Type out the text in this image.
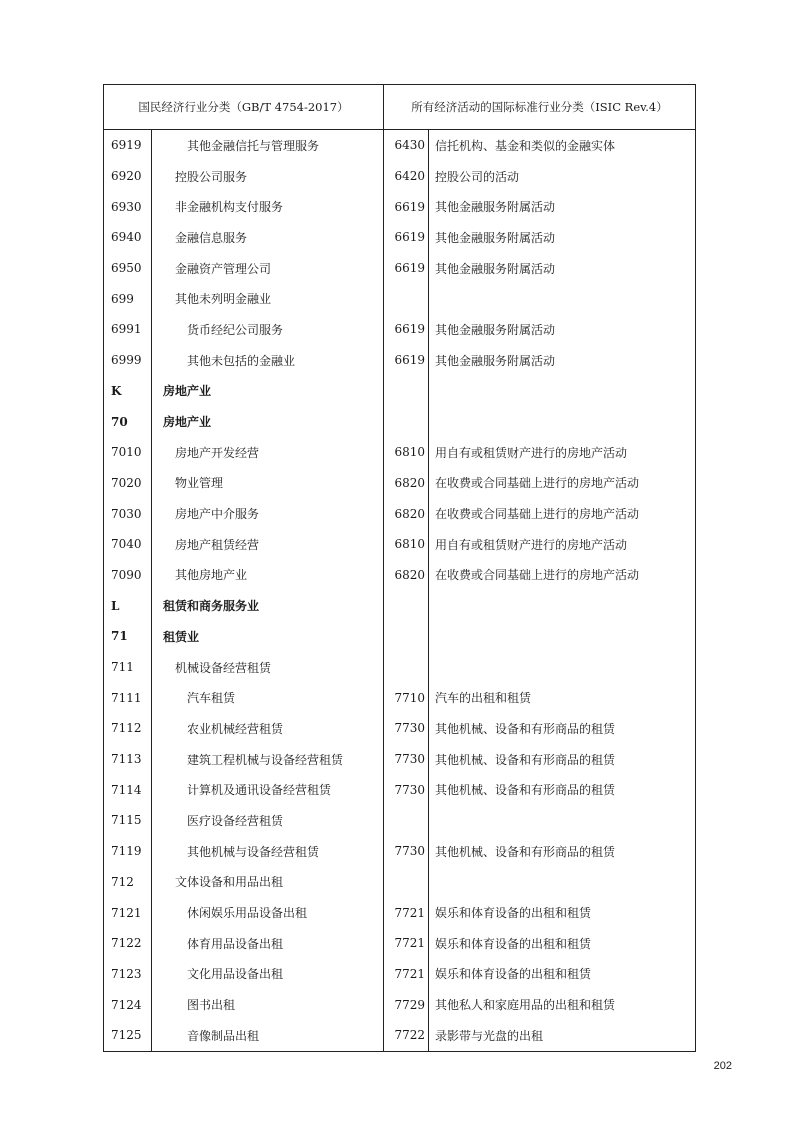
国民经济行业分类（GB/T 4754-2017）		所有经济活动的国际标准行业分类（ISIC Rev.4）	
6919	其他金融信托与管理服务	6430	信托机构、基金和类似的金融实体
6920	控股公司服务	6420	控股公司的活动
6930	非金融机构支付服务	6619	其他金融服务附属活动
6940	金融信息服务	6619	其他金融服务附属活动
6950	金融资产管理公司	6619	其他金融服务附属活动
699	其他未列明金融业		
6991	货币经纪公司服务	6619	其他金融服务附属活动
6999	其他未包括的金融业	6619	其他金融服务附属活动
K	房地产业		
70	房地产业		
7010	房地产开发经营	6810	用自有或租赁财产进行的房地产活动
7020	物业管理	6820	在收费或合同基础上进行的房地产活动
7030	房地产中介服务	6820	在收费或合同基础上进行的房地产活动
7040	房地产租赁经营	6810	用自有或租赁财产进行的房地产活动
7090	其他房地产业	6820	在收费或合同基础上进行的房地产活动
L	租赁和商务服务业		
71	租赁业		
711	机械设备经营租赁		
7111	汽车租赁	7710	汽车的出租和租赁
7112	农业机械经营租赁	7730	其他机械、设备和有形商品的租赁
7113	建筑工程机械与设备经营租赁	7730	其他机械、设备和有形商品的租赁
7114	计算机及通讯设备经营租赁	7730	其他机械、设备和有形商品的租赁
7115	医疗设备经营租赁		
7119	其他机械与设备经营租赁	7730	其他机械、设备和有形商品的租赁
712	文体设备和用品出租		
7121	休闲娱乐用品设备出租	7721	娱乐和体育设备的出租和租赁
7122	体育用品设备出租	7721	娱乐和体育设备的出租和租赁
7123	文化用品设备出租	7721	娱乐和体育设备的出租和租赁
7124	图书出租	7729	其他私人和家庭用品的出租和租赁
7125	音像制品出租	7722	录影带与光盘的出租
202
